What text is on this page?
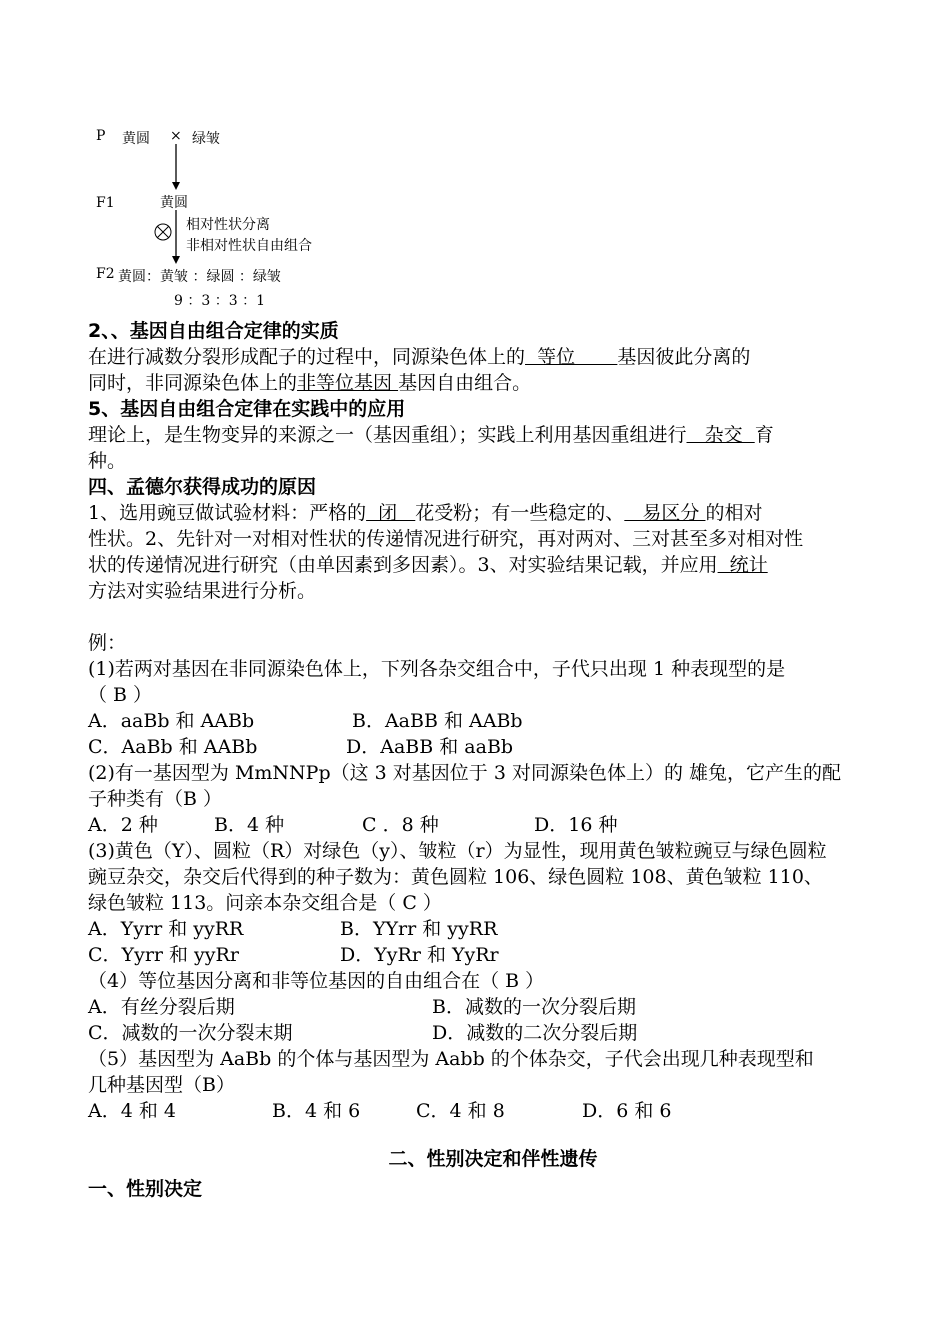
P 黄圆 × 绿皱
F1	黄圆
相对性状分离
非相对性状自由组合
F2 黄圆：黄皱 ：绿圆 ：绿皱
9 ：3 ：3 ：1
2、、基因自由组合定律的实质
在进行减数分裂形成配子的过程中，同源染色体上的  等位       基因彼此分离的
同时，非同源染色体上的非等位基因 基因自由组合。
5、基因自由组合定律在实践中的应用
理论上，是生物变异的来源之一（基因重组）；实践上利用基因重组进行   杂交  育
种。
四、孟德尔获得成功的原因
1、选用豌豆做试验材料：严格的  闭   花受粉；有一些稳定的、   易区分 的相对
性状。2、先针对一对相对性状的传递情况进行研究，再对两对、三对甚至多对相对性
状的传递情况进行研究（由单因素到多因素）。3、对实验结果记载，并应用  统计
方法对实验结果进行分析。
例：
(1)若两对基因在非同源染色体上，下列各杂交组合中，子代只出现 1 种表现型的是
（ B ）
A．aaBb 和 AABb	B．AaBB 和 AABb
C．AaBb 和 AABb	D．AaBB 和 aaBb
(2)有一基因型为 MmNNPp（这 3 对基因位于 3 对同源染色体上）的 雄兔，它产生的配
子种类有（B ）
A．2 种	B．4 种	C ．8 种	D．16 种
(3)黄色（Y）、圆粒（R）对绿色（y）、皱粒（r）为显性，现用黄色皱粒豌豆与绿色圆粒
豌豆杂交，杂交后代得到的种子数为：黄色圆粒 106、绿色圆粒 108、黄色皱粒 110、
绿色皱粒 113。问亲本杂交组合是（ C ）
A．Yyrr 和 yyRR	B．YYrr 和 yyRR
C．Yyrr 和 yyRr	D．YyRr 和 YyRr
（4）等位基因分离和非等位基因的自由组合在（ B ）
A．有丝分裂后期	B．减数的一次分裂后期
C．减数的一次分裂末期	D．减数的二次分裂后期
（5）基因型为 AaBb 的个体与基因型为 Aabb 的个体杂交，子代会出现几种表现型和
几种基因型（B）
A．4 和 4	B．4 和 6	C．4 和 8	D．6 和 6
二、性别决定和伴性遗传
一、性别决定
